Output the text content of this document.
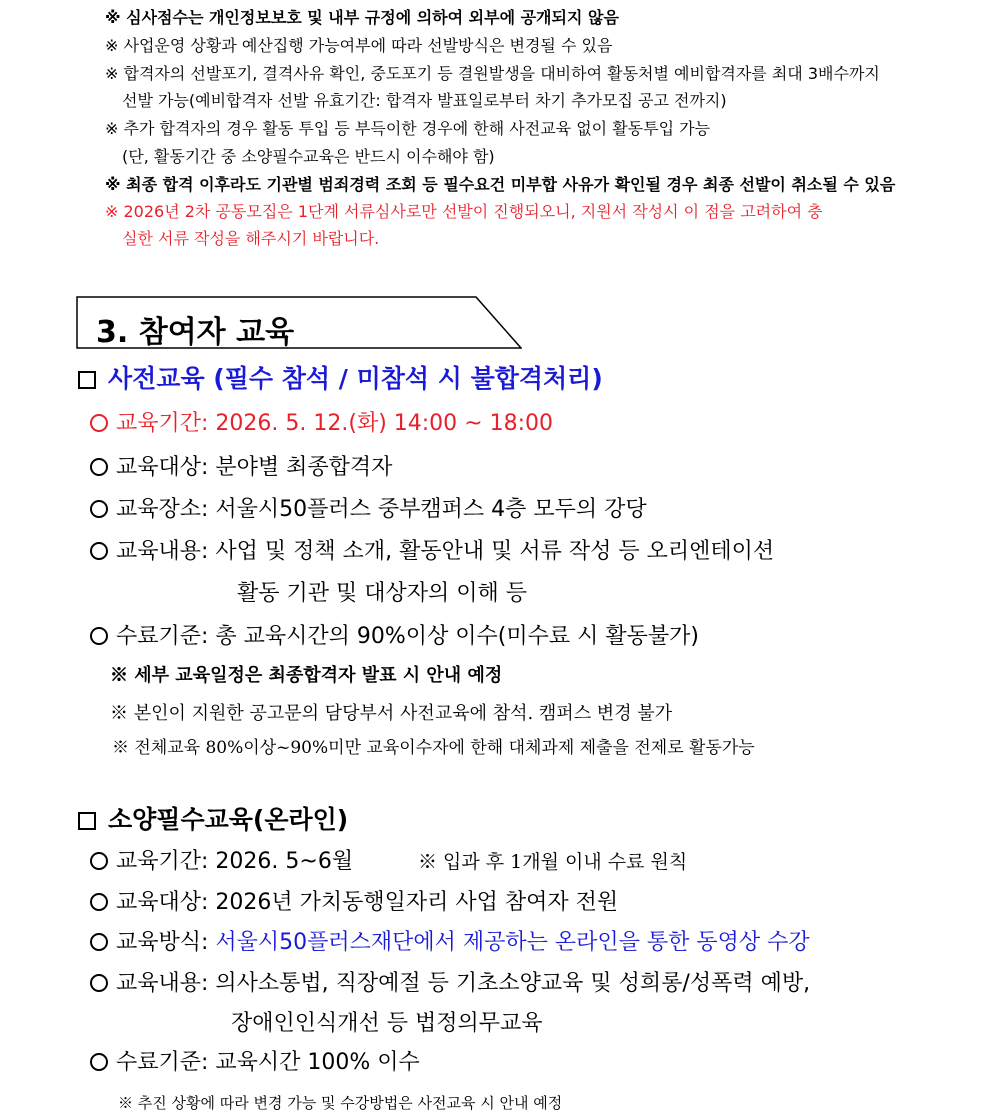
※ 심사점수는 개인정보보호 및 내부 규정에 의하여 외부에 공개되지 않음
※ 사업운영 상황과 예산집행 가능여부에 따라 선발방식은 변경될 수 있음
※ 합격자의 선발포기, 결격사유 확인, 중도포기 등 결원발생을 대비하여 활동처별 예비합격자를 최대 3배수까지
선발 가능(예비합격자 선발 유효기간: 합격자 발표일로부터 차기 추가모집 공고 전까지)
※ 추가 합격자의 경우 활동 투입 등 부득이한 경우에 한해 사전교육 없이 활동투입 가능
(단, 활동기간 중 소양필수교육은 반드시 이수해야 함)
※ 최종 합격 이후라도 기관별 범죄경력 조회 등 필수요건 미부합 사유가 확인될 경우 최종 선발이 취소될 수 있음
※ 2026년 2차 공동모집은 1단계 서류심사로만 선발이 진행되오니, 지원서 작성시 이 점을 고려하여 충
실한 서류 작성을 해주시기 바랍니다.
3. 참여자 교육
사전교육 (필수 참석 / 미참석 시 불합격처리)
교육기간: 2026. 5. 12.(화) 14:00 ~ 18:00
교육대상: 분야별 최종합격자
교육장소: 서울시50플러스 중부캠퍼스 4층 모두의 강당
교육내용: 사업 및 정책 소개, 활동안내 및 서류 작성 등 오리엔테이션
활동 기관 및 대상자의 이해 등
수료기준: 총 교육시간의 90%이상 이수(미수료 시 활동불가)
※ 세부 교육일정은 최종합격자 발표 시 안내 예정
※ 본인이 지원한 공고문의 담당부서 사전교육에 참석. 캠퍼스 변경 불가
※ 전체교육 80%이상~90%미만 교육이수자에 한해 대체과제 제출을 전제로 활동가능
소양필수교육(온라인)
교육기간: 2026. 5~6월	※ 입과 후 1개월 이내 수료 원칙
교육대상: 2026년 가치동행일자리 사업 참여자 전원
교육방식: 서울시50플러스재단에서 제공하는 온라인을 통한 동영상 수강
교육내용: 의사소통법, 직장예절 등 기초소양교육 및 성희롱/성폭력 예방,
장애인인식개선 등 법정의무교육
수료기준: 교육시간 100% 이수
※ 추진 상황에 따라 변경 가능 및 수강방법은 사전교육 시 안내 예정
